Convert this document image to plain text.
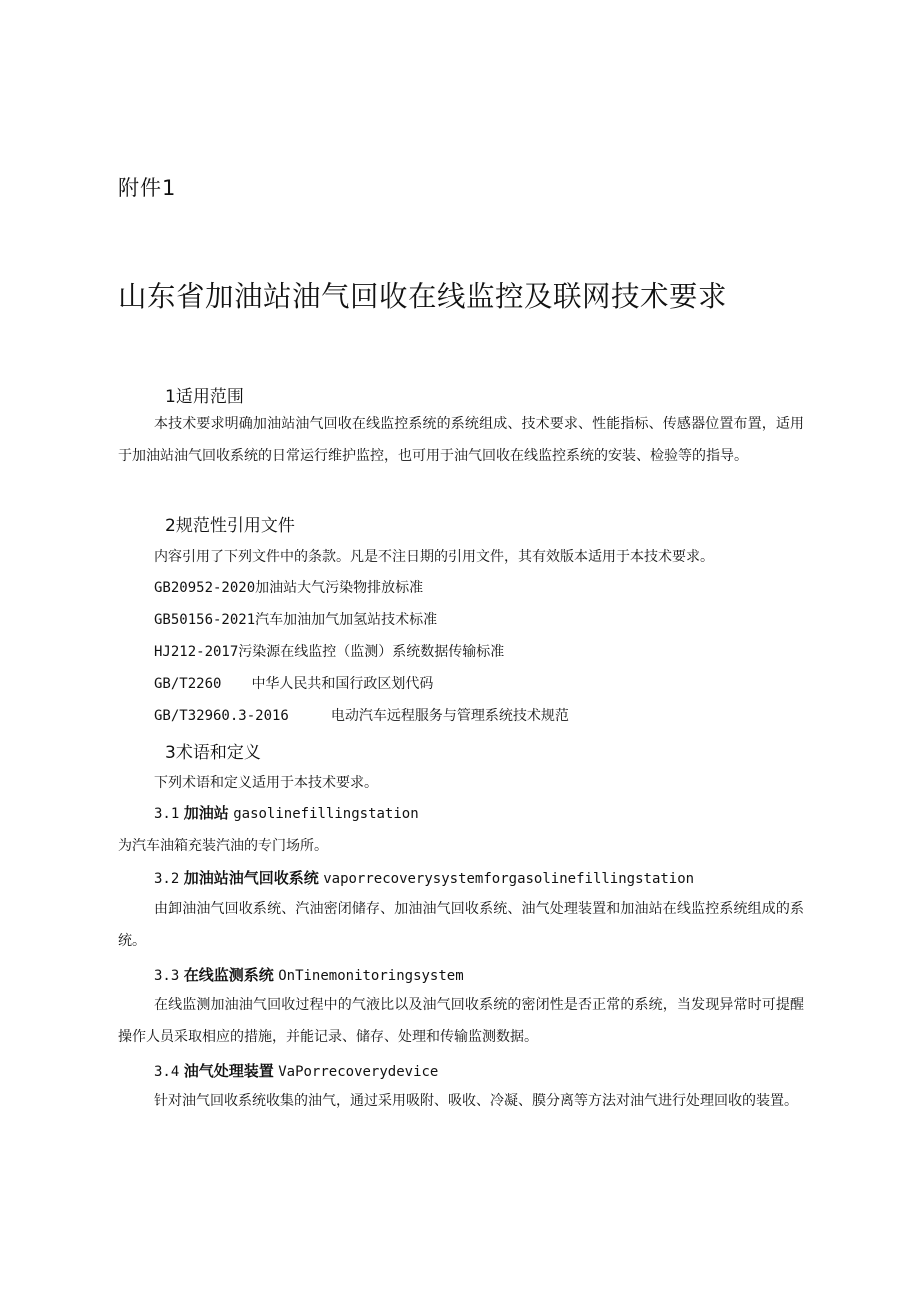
附件1
山东省加油站油气回收在线监控及联网技术要求
1适用范围

本技术要求明确加油站油气回收在线监控系统的系统组成、技术要求、性能指标、传感器位置布置，适用于加油站油气回收系统的日常运行维护监控，也可用于油气回收在线监控系统的安装、检验等的指导。

2规范性引用文件
内容引用了下列文件中的条款。凡是不注日期的引用文件，其有效版本适用于本技术要求。
GB20952-2020加油站大气污染物排放标准
GB50156-2021汽车加油加气加氢站技术标准
HJ212-2017污染源在线监控（监测）系统数据传输标准
GB/T2260 中华人民共和国行政区划代码
GB/T32960.3-2016	电动汽车远程服务与管理系统技术规范
3术语和定义
下列术语和定义适用于本技术要求。
3.1 加油站 gasolinefillingstation
为汽车油箱充装汽油的专门场所。
3.2 加油站油气回收系统 vaporrecoverysystemforgasolinefillingstation

由卸油油气回收系统、汽油密闭储存、加油油气回收系统、油气处理装置和加油站在线监控系统组成的系统。

3.3 在线监测系统 OnTinemonitoringsystem

在线监测加油油气回收过程中的气液比以及油气回收系统的密闭性是否正常的系统，当发现异常时可提醒操作人员采取相应的措施，并能记录、储存、处理和传输监测数据。

3.4 油气处理装置 VaPorrecoverydevice

针对油气回收系统收集的油气，通过采用吸附、吸收、冷凝、膜分离等方法对油气进行处理回收的装置。
